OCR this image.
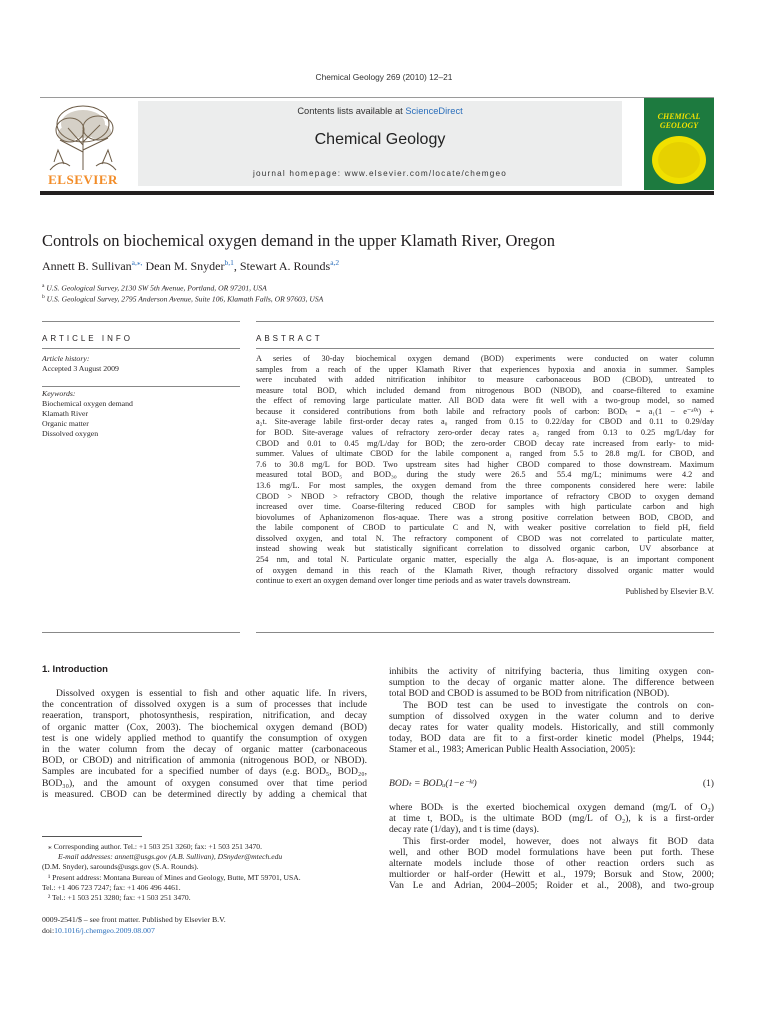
Chemical Geology 269 (2010) 12–21
ELSEVIER
Contents lists available at ScienceDirect
Chemical Geology
journal homepage: www.elsevier.com/locate/chemgeo
CHEMICAL
GEOLOGY
Controls on biochemical oxygen demand in the upper Klamath River, Oregon
Annett B. Sullivan$^{a,⁎,}$ Dean M. Snyder$^{b,1}$, Stewart A. Rounds$^{a,2}$
$^a$ U.S. Geological Survey, 2130 SW 5th Avenue, Portland, OR 97201, USA
$^b$ U.S. Geological Survey, 2795 Anderson Avenue, Suite 106, Klamath Falls, OR 97603, USA
ARTICLE INFO	ABSTRACT
Article history:
Accepted 3 August 2009
Keywords:
Biochemical oxygen demand
Klamath River
Organic matter
Dissolved oxygen
A series of 30-day biochemical oxygen demand (BOD) experiments were conducted on water column
samples from a reach of the upper Klamath River that experiences hypoxia and anoxia in summer. Samples
were incubated with added nitrification inhibitor to measure carbonaceous BOD (CBOD), untreated to
measure total BOD, which included demand from nitrogenous BOD (NBOD), and coarse-filtered to examine
the effect of removing large particulate matter. All BOD data were fit well with a two-group model, so named
because it considered contributions from both labile and refractory pools of carbon: BODₜ = a₁(1 − e⁻ᵃ⁰ᵗ) +
a₂t. Site-average labile first-order decay rates a₀ ranged from 0.15 to 0.22/day for CBOD and 0.11 to 0.29/day
for BOD. Site-average values of refractory zero-order decay rates a₂ ranged from 0.13 to 0.25 mg/L/day for
CBOD and 0.01 to 0.45 mg/L/day for BOD; the zero-order CBOD decay rate increased from early- to mid-
summer. Values of ultimate CBOD for the labile component a₁ ranged from 5.5 to 28.8 mg/L for CBOD, and
7.6 to 30.8 mg/L for BOD. Two upstream sites had higher CBOD compared to those downstream. Maximum
measured total BOD₅ and BOD₃₀ during the study were 26.5 and 55.4 mg/L; minimums were 4.2 and
13.6 mg/L. For most samples, the oxygen demand from the three components considered here were: labile
CBOD > NBOD > refractory CBOD, though the relative importance of refractory CBOD to oxygen demand
increased over time. Coarse-filtering reduced CBOD for samples with high particulate carbon and high
biovolumes of Aphanizomenon flos-aquae. There was a strong positive correlation between BOD, CBOD, and
the labile component of CBOD to particulate C and N, with weaker positive correlation to field pH, field
dissolved oxygen, and total N. The refractory component of CBOD was not correlated to particulate matter,
instead showing weak but statistically significant correlation to dissolved organic carbon, UV absorbance at
254 nm, and total N. Particulate organic matter, especially the alga A. flos-aquae, is an important component
of oxygen demand in this reach of the Klamath River, though refractory dissolved organic matter would
continue to exert an oxygen demand over longer time periods and as water travels downstream.
Published by Elsevier B.V.
1. Introduction
Dissolved oxygen is essential to fish and other aquatic life. In rivers,
the concentration of dissolved oxygen is a sum of processes that include
reaeration, transport, photosynthesis, respiration, nitrification, and decay
of organic matter (Cox, 2003). The biochemical oxygen demand (BOD)
test is one widely applied method to quantify the consumption of oxygen
in the water column from the decay of organic matter (carbonaceous
BOD, or CBOD) and nitrification of ammonia (nitrogenous BOD, or NBOD).
Samples are incubated for a specified number of days (e.g. BOD₅, BOD₂₀,
BOD₃₀), and the amount of oxygen consumed over that time period
is measured. CBOD can be determined directly by adding a chemical that
inhibits the activity of nitrifying bacteria, thus limiting oxygen con-
sumption to the decay of organic matter alone. The difference between
total BOD and CBOD is assumed to be BOD from nitrification (NBOD).
The BOD test can be used to investigate the controls on con-
sumption of dissolved oxygen in the water column and to derive
decay rates for water quality models. Historically, and still commonly
today, BOD data are fit to a first-order kinetic model (Phelps, 1944;
Stamer et al., 1983; American Public Health Association, 2005):
BODₜ = BODᵤ(1−e⁻ᵏᵗ)	(1)
where BODₜ is the exerted biochemical oxygen demand (mg/L of O₂)
at time t, BODᵤ is the ultimate BOD (mg/L of O₂), k is a first-order
decay rate (1/day), and t is time (days).
This first-order model, however, does not always fit BOD data
well, and other BOD model formulations have been put forth. These
alternate models include those of other reaction orders such as
multiorder or half-order (Hewitt et al., 1979; Borsuk and Stow, 2000;
Van Le and Adrian, 2004–2005; Roider et al., 2008), and two-group
⁎ Corresponding author. Tel.: +1 503 251 3260; fax: +1 503 251 3470.
E-mail addresses: annett@usgs.gov (A.B. Sullivan), DSnyder@mtech.edu
(D.M. Snyder), sarounds@usgs.gov (S.A. Rounds).
¹ Present address: Montana Bureau of Mines and Geology, Butte, MT 59701, USA.
Tel.: +1 406 723 7247; fax: +1 406 496 4461.
² Tel.: +1 503 251 3280; fax: +1 503 251 3470.
0009-2541/$ – see front matter. Published by Elsevier B.V.
doi:10.1016/j.chemgeo.2009.08.007
